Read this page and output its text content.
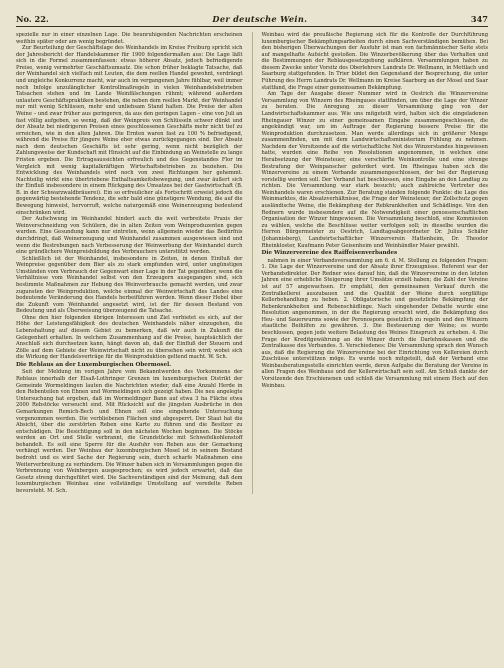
No. 22.	Der deutsche Wein.	347

spezielle nur in einer einzelnen Lage. Die beunruhigenden Nachrichten erscheinen weithin später oder am wenig begründet.

Zur Beurteilung der Geschäftslage des Weinhandels im Kreise Freiburg spricht sich der Jahresbericht der Handelskammer für 1900 folgendermaßen aus: Die Lage läßt sich in die Formel zusammenfassen: etwas höherer Absatz, jedoch befriedigende Preise, wenig vermehrter Geschäftsumsatz. Die schon früher beklagte Tatsache, daß der Weinhandel sich vielfach mit Leuten, die dem reellen Handel gewohnt, verdrängt und ungleiche Konkurrenz macht, war auch im vergangenen Jahre fühlbar, weil immer noch Infolge unzulänglicher Kontrollmaßregeln in vielen Weinhandelsbetrieben Tatsachen stehen und im Lande Weinfälschungen rühmt; während außerdem unlautere Geschäftspraktiken bestehen, die neben dem reellen Markt, der Weinhandel nur mit wenig Schlüssen, mehr und unliebsam Stand halten. Die Preise der alten Weine – und zwar früher aus geringeren, da aus den geringen Lagen – eine von Juli an fast völlig aufgeben, so wenig, daß der Weinpreis von Schlüsseln schwer dünkt und der Absatz bei niedrigeren Preisen eines geschlossenen Geschäfts mehr nicht tief zu erreichen, wie in den alten Jahren. Die Ernten waren fast zu 100 % befriedigend, während die Preise für jüngere Weine eher etwas zurückgegangen sind. Der Absatz nach dem deutschen Geschäfts ist sehr gering, wenn nicht bezüglich der Zahlungsweise der Kundschaft mit Hinsicht auf die Einbindung an Weinstelle zu lange Fristen ergeben. Die Ertragsaussichten erfreulich und des Gegenstandes Flor im Vergleich mit wenig kapitalkräftigen Wirtschaftsbetrieben zu beziehen. Die Entwicklung des Weinhandels wird noch von zwei Richtungen her gehemmt. Nachteilig wirkt eine übertriebene Enthaltsamkeitsbewegung, und zwar äußert sich ihr Einfluß insbesondere in einem Rückgang des Umsatzes bei der Gastwirtschaft (B. B. in der Schwarzwaldbräuerei). Ein so erfreulicher als Fortschritt erweist jedoch die gegenwärtig bestehende Tendenz, die sehr bald eine günstigere Wendung, die auf die Bewegung hinweist, hervorruft, welche naturgemäß eine Weinerzeugung bedeutend einschränken wird.

Der Aufschwung im Weinhandel hindert auch die weit verbreitete Praxis der Weinverschneidung von Schülern, die in alten Zeiten vom Weinproduzenten gegen wurden. Eine Gesundung kann nur eintreten, wenn allgemein wieder das Bedürfnis durchdringt, daß Weinerzeugung und Weinhandel zusammen ausgewiesen sind und wenn die Bestrebungen nach Verbesserung der Weinwerbung der Weinhandel durch eine gründlichere Weinpreisbildung des Verbrauchers unterstützt werden.

Schließlich ist der Weinhandel, insbesondere in Zeiten, in denen Einfluß der Weinpreise gegenüber dem Bier als zu stark empfunden wird, unter ungünstigen Umständen vom Verbrauch der Gegenwart einer Lage in der Tat gegenüber, wenn die Verhältnisse vom Weinhandel selbst von den Erzeugern ausgegangen sind, sich bestimmte Maßnahmen zur Hebung des Weinverbrauchs gemacht werden, und zwar zugunsten der Weinproduktion, welche einmal der Weinwirtschaft des Landes eine bedeutende Veränderung des Handels herbeiführen werden. Wenn dieser Hebel über die Zukunft vom Weinhandel angesetzt wird, ist der für dessen Bestand von Bedeutung und als Überweisung überzeugend die Tatsache.

Ohne den hier folgenden übrigen Interessen und Ziel verbietet es sich, auf der Höhe der Leistungsfähigkeit des deutschen Weinhandels näher einzugehen, die Lebenshaltung auf diesem Gebiet zu bemerken, daß wir auch in Zukunft die Gelegenheit erhalten. In welchem Zusammenhang auf die Preise, hauptsächlich der Anschluß sich durchsetzen kann, hängt davon ab, daß der Einfluß der Steuern und Zölle auf dem Gebiete der Weinwirtschaft nicht zu übersehen sein wird; wobei sich die Wirkung der Handelsverträge für die Weinproduktion geltend macht. W. Sch.

Die Reblaus an der Luxemburgischen Obermosel.

Seit der Meldung im vorigen Jahre vom Bekanntwerden des Vorkommens der Reblaus innerhalb der Elsaß-Lothringer Grenzen im luxemburgischen Distrikt der Gemeinde Wormeldingen lauten die Nachrichten wieder, daß eine Anzahl Herde in den Rebenteilen von Ehnen und Wormeldingen sich gezeigt haben. Die neu angelegte Untersuchung hat ergeben, daß im Wormeldinger Bann auf etwa 3 ha Fläche etwa 2000 Rebstöcke verseucht sind. Mit Rücksicht auf die jüngsten Ausbrüche in den Gemarkungen Remich-Bech und Ehnen soll eine eingehende Untersuchung vorgenommen werden. Die verbliebenen Flächen sind abgesperrt. Der Staat hat die Absicht, über die zerstörten Reben eine Karte zu führen und die Besitzer zu entschädigen. Die Besichtigung soll in den nächsten Wochen beginnen. Die Stöcke werden an Ort und Stelle verbrannt, die Grundstücke mit Schwefelkohlenstoff behandelt. Es soll eine Sperre für die Ausfuhr von Reben aus der Gemarkung verhängt werden. Der Weinbau der luxemburgischen Mosel ist in seinem Bestand bedroht und es wird Sache der Regierung sein, durch scharfe Maßnahmen eine Weiterverbreitung zu verhindern. Die Winzer haben sich in Versammlungen gegen die Verbrennung von Weinbergen ausgesprochen; es wird jedoch erwartet, daß das Gesetz streng durchgeführt wird. Die Sachverständigen sind der Meinung, daß dem luxemburgischen Weinbau eine vollständige Umstellung auf veredelte Reben bevorsteht. M. Sch.

Weinbau wird die preußische Regierung sich für die Kontrolle der Durchführung luxemburgischer Bekämpfungsarbeiten durch einen Sachverständigen bemühen. Bei den bisherigen Überwachungen der Ausfuhr ist man von fachmännischer Seite stets auf mangelhafte Aufsicht gestoßen. Die Winzerbevölkerung über das Verhalten und die Bestimmungen der Reblausgesetzgebung aufklären. Versammlungen haben zu diesem Zwecke unter Vorsitz des Oberlehrers Landrats Dr. Wellmann, in Mettlach und Saarburg stattgefunden. In Trier bildet den Gegenstand der Besprechung, die unter Führung des Herrn Landrats Dr. Wellmann im Kreise Saarburg an der Mosel und Saar stattfand, die Frage einer gemeinsamen Bekämpfung.

Am Tage der Ausgabe dieser Nummer wird in Oestrich die Winzervereine Versammlung von Winzern des Rheingaues stattfinden, um über die Lage der Winzer zu beraten. Die Anregung zu dieser Versammlung ging von der Landwirtschaftskammer aus. Wie uns mitgeteilt wird, halten sich die eingeladenen Rheingauer Winzer zu einer gemeinsamen Eingabe zusammengeschlossen, die angekündigt war, um im Auftrage der Regierung bessere Preise für die Weinproduktion durchzusetzen. Man werde allerdings sich in größerer Menge zusammenfinden, um mit dem Landwirtschaftsministerium Fühlung zu nehmen. Nachdem der Vorsitzende auf die wirtschaftliche Not des Winzerstandes hingewiesen hatte, wurden eine Reihe von Resolutionen angenommen, in welchen eine Herabsetzung der Weinsteuer, eine verschärfte Weinkontrolle und eine strenge Bestrafung der Weinpanscher gefordert wird. Im Rheingau haben sich die Winzervereine zu einem Verbande zusammengeschlossen, der bei der Regierung vorstellig werden soll. Der Verband hat beschlossen, eine Eingabe an den Landtag zu richten. Die Versammlung war stark besucht; auch zahlreiche Vertreter des Weinhandels waren erschienen. Zur Beratung standen folgende Punkte: die Lage des Weinmarktes, die Absatzverhältnisse, die Frage der Weinsteuer, der Zollschutz gegen ausländische Weine, die Bekämpfung der Rebkrankheiten und Schädlinge. Von den Rednern wurde insbesondere auf die Notwendigkeit einer genossenschaftlichen Organisation der Winzer hingewiesen. Die Versammlung beschloß, eine Kommission zu wählen, welche die Beschlüsse weiter verfolgen soll; in dieselbe wurden die Herren Bürgermeister zu Oestrich, Landtagsabgeordneter Dr. Julius Schäfer (Johannisberg), Landwirtschaftlicher Winzerverein Hattenheim, Dr. Theodor Rheinkloster, Kaufmann Peter Geisenheim und Weinhändler Maier gewählt.

Die Winzervereine des Raiffeisenverbandes

nahmen in einer Verbandsversammlung am 6. d. M. Stellung zu folgenden Fragen: 1. Die Lage der Winzervereine und der Absatz ihrer Erzeugnisse. Referent war der Verbandsdirektor. Der Redner wies darauf hin, daß die Winzervereine in den letzten Jahren eine erhebliche Steigerung ihrer Umsätze erzielt haben; die Zahl der Vereine ist auf 57 angewachsen. Er empfahl, den gemeinsamen Verkauf durch die Zentralkellerei auszubauen und die Qualität der Weine durch sorgfältige Kellerbehandlung zu heben. 2. Obligatorische und gesetzliche Bekämpfung der Rebenkrankheiten und Rebenschädlinge. Nach eingehender Debatte wurde eine Resolution angenommen, in der die Regierung ersucht wird, die Bekämpfung des Heu- und Sauerwurms sowie der Peronospora gesetzlich zu regeln und den Winzern staatliche Beihilfen zu gewähren. 3. Die Besteuerung der Weine; es wurde beschlossen, gegen jede weitere Belastung des Weines Einspruch zu erheben. 4. Die Frage der Kreditgewährung an die Winzer durch die Darlehnskassen und die Zentralkasse des Verbandes. 5. Verschiedenes: Die Versammlung sprach den Wunsch aus, daß die Regierung die Winzervereine bei der Einrichtung von Kellereien durch Zuschüsse unterstützen möge. Es wurde noch mitgeteilt, daß der Verband eine Weinbauberatungsstelle einrichten werde, deren Aufgabe die Beratung der Vereine in allen Fragen des Weinbaus und der Kellerwirtschaft sein soll. Am Schluß dankte der Vorsitzende den Erschienenen und schloß die Versammlung mit einem Hoch auf den Weinbau.
